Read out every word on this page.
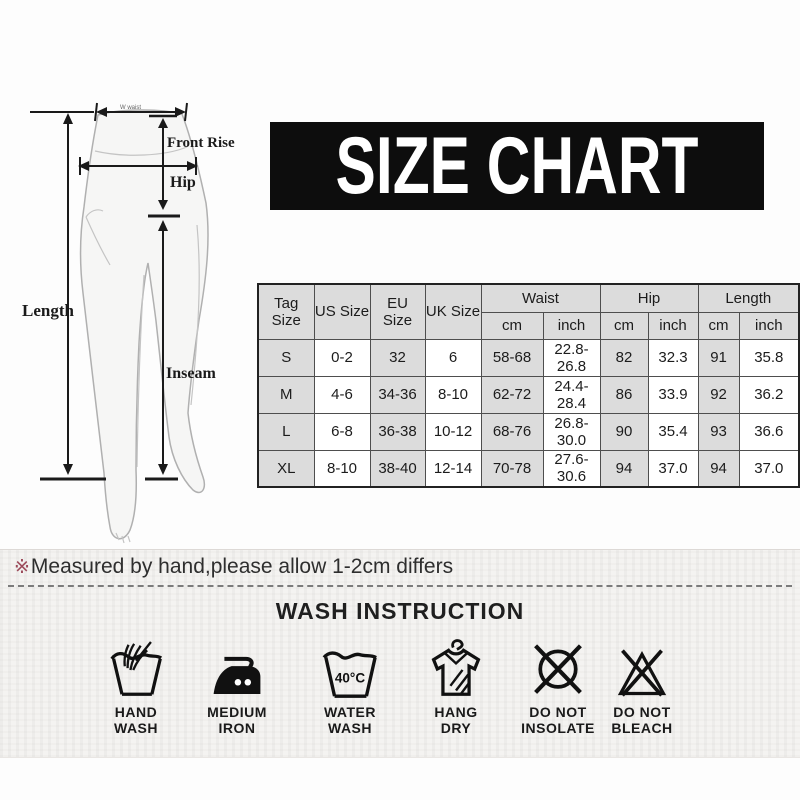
W waist
Front Rise
Hip
Length
Inseam
SIZE CHART
Tag Size	US Size	EU Size	UK Size	Waist		Hip		Length	
				cm	inch	cm	inch	cm	inch
S	0-2	32	6	58-68	22.8-26.8	82	32.3	91	35.8
M	4-6	34-36	8-10	62-72	24.4-28.4	86	33.9	92	36.2
L	6-8	36-38	10-12	68-76	26.8-30.0	90	35.4	93	36.6
XL	8-10	38-40	12-14	70-78	27.6-30.6	94	37.0	94	37.0
※Measured by hand,please allow 1-2cm differs
WASH INSTRUCTION
HAND
WASH
MEDIUM
IRON
40°C
WATER
WASH
HANG
DRY
DO NOT
INSOLATE
DO NOT
BLEACH
